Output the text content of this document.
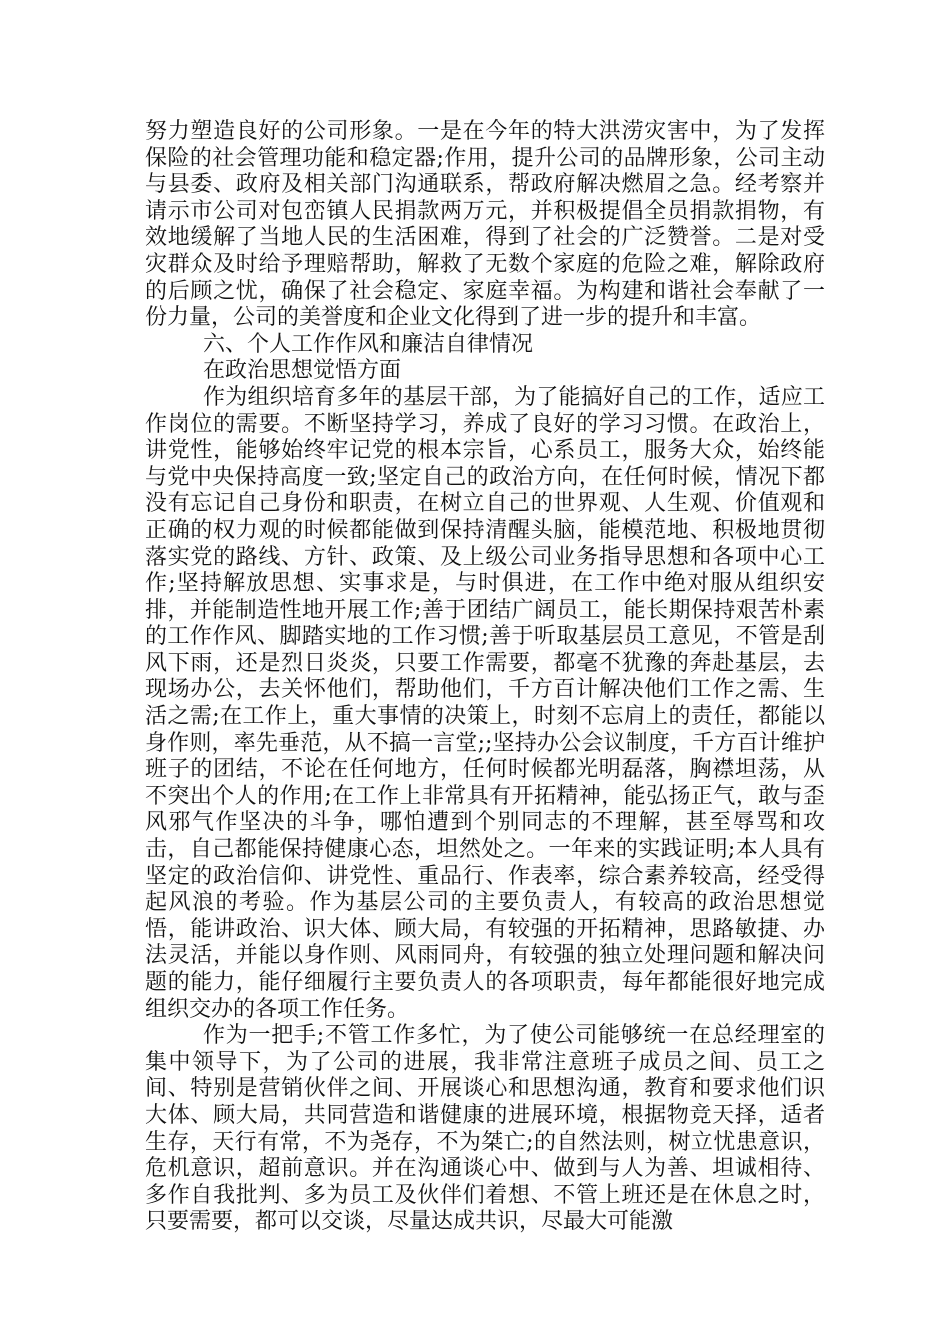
努力塑造良好的公司形象。一是在今年的特大洪涝灾害中，为了发挥保险的社会管理功能和稳定器;作用，提升公司的品牌形象，公司主动与县委、政府及相关部门沟通联系，帮政府解决燃眉之急。经考察并请示市公司对包峦镇人民捐款两万元，并积极提倡全员捐款捐物，有效地缓解了当地人民的生活困难，得到了社会的广泛赞誉。二是对受灾群众及时给予理赔帮助，解救了无数个家庭的危险之难，解除政府的后顾之忧，确保了社会稳定、家庭幸福。为构建和谐社会奉献了一份力量，公司的美誉度和企业文化得到了进一步的提升和丰富。

六、个人工作作风和廉洁自律情况

在政治思想觉悟方面

作为组织培育多年的基层干部，为了能搞好自己的工作，适应工作岗位的需要。不断坚持学习，养成了良好的学习习惯。在政治上，讲党性，能够始终牢记党的根本宗旨，心系员工，服务大众，始终能与党中央保持高度一致;坚定自己的政治方向，在任何时候，情况下都没有忘记自己身份和职责，在树立自己的世界观、人生观、价值观和正确的权力观的时候都能做到保持清醒头脑，能模范地、积极地贯彻落实党的路线、方针、政策、及上级公司业务指导思想和各项中心工作;坚持解放思想、实事求是，与时俱进，在工作中绝对服从组织安排，并能制造性地开展工作;善于团结广阔员工，能长期保持艰苦朴素的工作作风、脚踏实地的工作习惯;善于听取基层员工意见，不管是刮风下雨，还是烈日炎炎，只要工作需要，都毫不犹豫的奔赴基层，去现场办公，去关怀他们，帮助他们，千方百计解决他们工作之需、生活之需;在工作上，重大事情的决策上，时刻不忘肩上的责任，都能以身作则，率先垂范，从不搞一言堂;;坚持办公会议制度，千方百计维护班子的团结，不论在任何地方，任何时候都光明磊落，胸襟坦荡，从不突出个人的作用;在工作上非常具有开拓精神，能弘扬正气，敢与歪风邪气作坚决的斗争，哪怕遭到个别同志的不理解，甚至辱骂和攻击，自己都能保持健康心态，坦然处之。一年来的实践证明;本人具有坚定的政治信仰、讲党性、重品行、作表率，综合素养较高，经受得起风浪的考验。作为基层公司的主要负责人，有较高的政治思想觉悟，能讲政治、识大体、顾大局，有较强的开拓精神，思路敏捷、办法灵活，并能以身作则、风雨同舟，有较强的独立处理问题和解决问题的能力，能仔细履行主要负责人的各项职责，每年都能很好地完成组织交办的各项工作任务。

作为一把手;不管工作多忙，为了使公司能够统一在总经理室的集中领导下，为了公司的进展，我非常注意班子成员之间、员工之间、特别是营销伙伴之间、开展谈心和思想沟通，教育和要求他们识大体、顾大局，共同营造和谐健康的进展环境，根据物竞天择，适者生存，天行有常，不为尧存，不为桀亡;的自然法则，树立忧患意识，危机意识，超前意识。并在沟通谈心中、做到与人为善、坦诚相待、多作自我批判、多为员工及伙伴们着想、不管上班还是在休息之时，只要需要，都可以交谈，尽量达成共识，尽最大可能激
